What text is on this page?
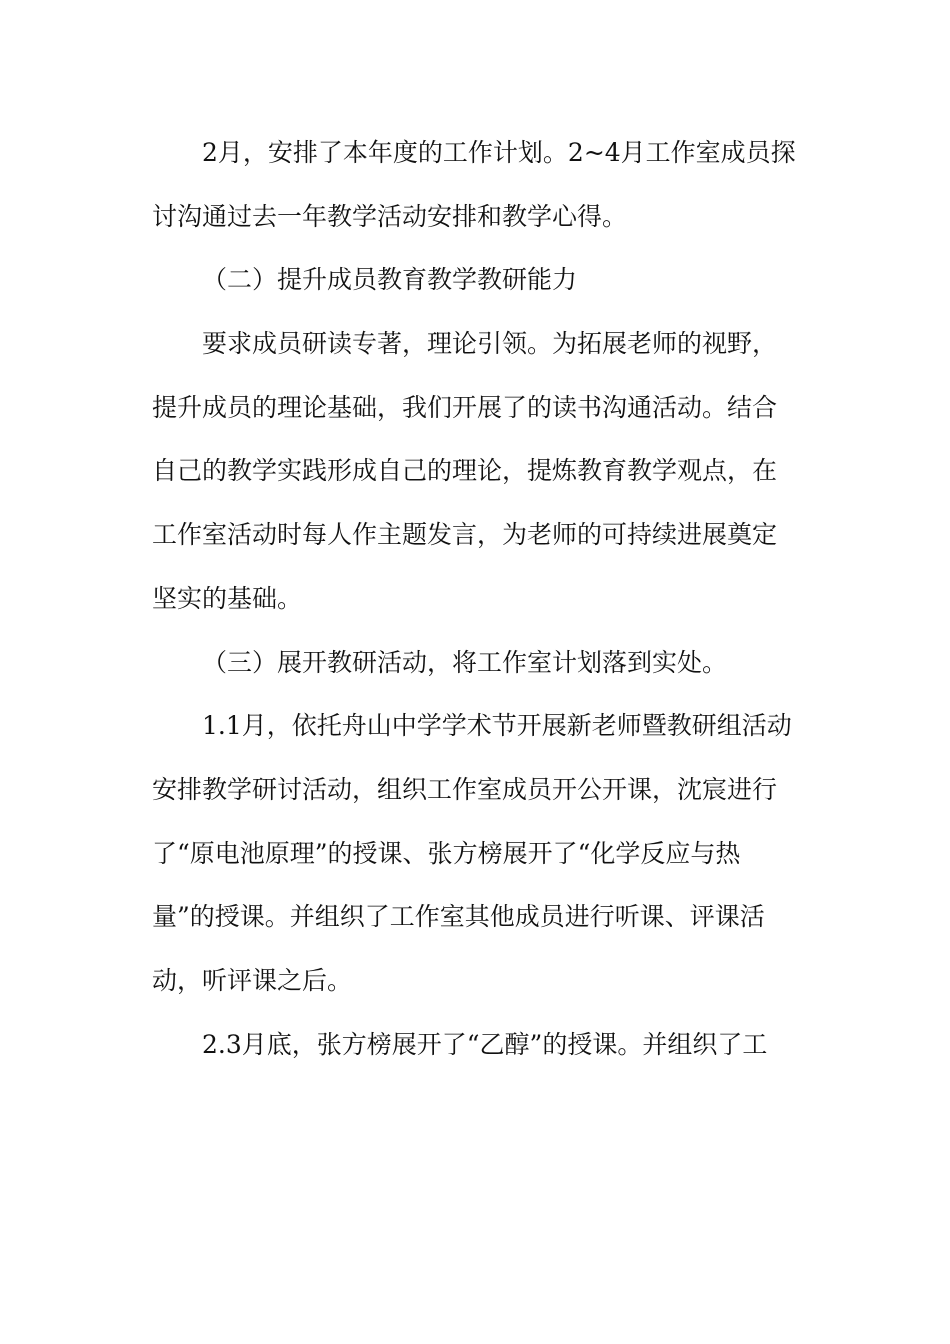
2月，安排了本年度的工作计划。2~4月工作室成员探
讨沟通过去一年教学活动安排和教学心得。
（二）提升成员教育教学教研能力
要求成员研读专著，理论引领。为拓展老师的视野，
提升成员的理论基础，我们开展了的读书沟通活动。结合
自己的教学实践形成自己的理论，提炼教育教学观点，在
工作室活动时每人作主题发言，为老师的可持续进展奠定
坚实的基础。
（三）展开教研活动，将工作室计划落到实处。
1.1月，依托舟山中学学术节开展新老师暨教研组活动
安排教学研讨活动，组织工作室成员开公开课，沈宸进行
了“原电池原理”的授课、张方榜展开了“化学反应与热
量”的授课。并组织了工作室其他成员进行听课、评课活
动，听评课之后。
2.3月底，张方榜展开了“乙醇”的授课。并组织了工
